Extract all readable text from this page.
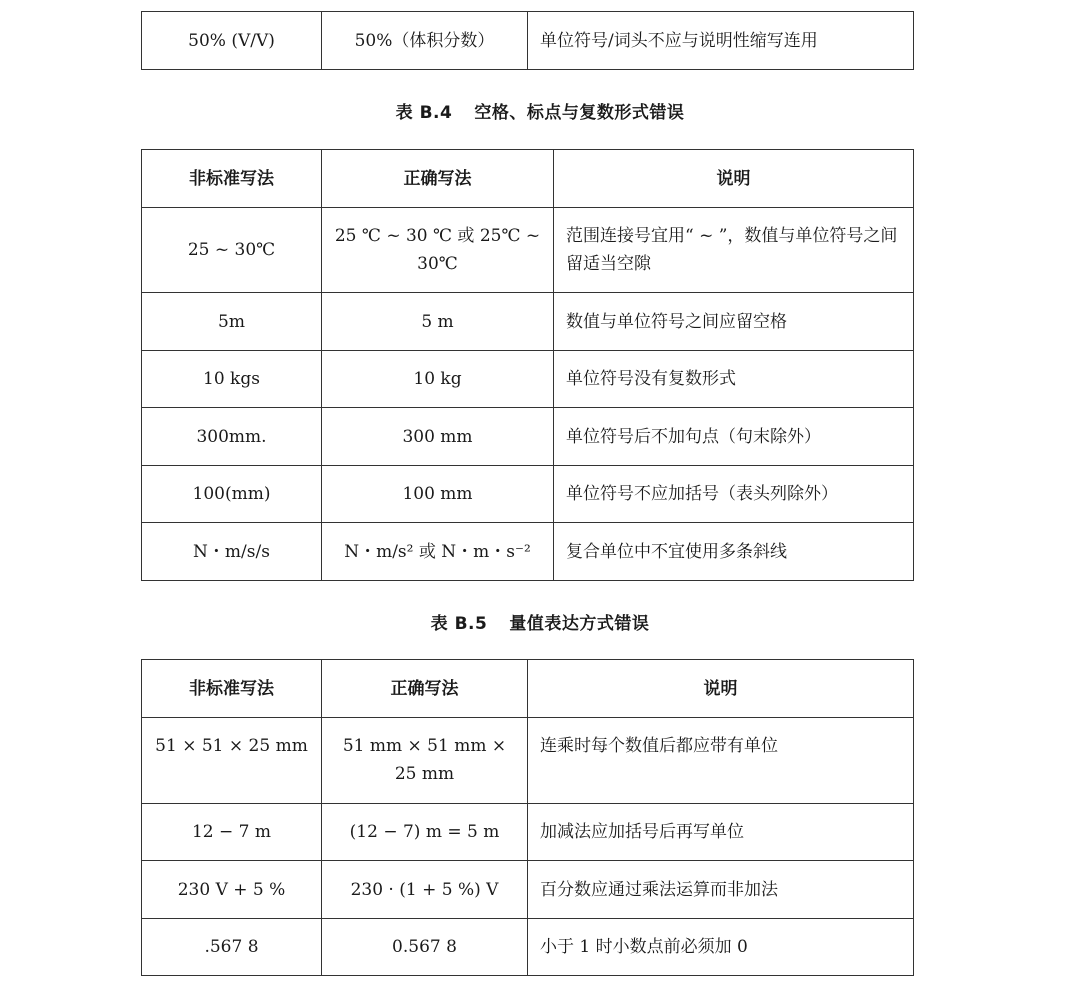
50% (V/V)	50%（体积分数）	单位符号/词头不应与说明性缩写连用
表 B.4 空格、标点与复数形式错误
非标准写法	正确写法	说明
25 ~ 30℃	25 ℃ ~ 30 ℃ 或 25℃ ~ 30℃	范围连接号宜用“ ~ ”，数值与单位符号之间留适当空隙
5m	5 m	数值与单位符号之间应留空格
10 kgs	10 kg	单位符号没有复数形式
300mm.	300 mm	单位符号后不加句点（句末除外）
100(mm)	100 mm	单位符号不应加括号（表头列除外）
N・m/s/s	N・m/s² 或 N・m・s⁻²	复合单位中不宜使用多条斜线
表 B.5 量值表达方式错误
非标准写法	正确写法	说明
51 × 51 × 25 mm	51 mm × 51 mm × 25 mm	连乘时每个数值后都应带有单位
12 − 7 m	(12 − 7) m = 5 m	加减法应加括号后再写单位
230 V + 5 %	230 · (1 + 5 %) V	百分数应通过乘法运算而非加法
.567 8	0.567 8	小于 1 时小数点前必须加 0
